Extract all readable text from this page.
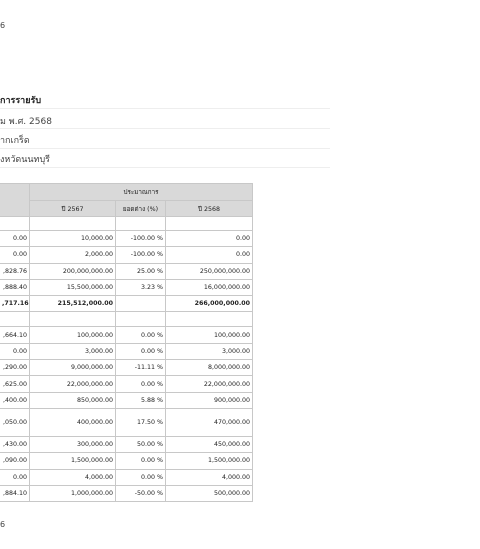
6
การรายรับ
ม พ.ศ. 2568
ากเกร็ด
งหวัดนนทบุรี
	ประมาณการ		
	ปี 2567	ยอดต่าง (%)	ปี 2568

0.00	10,000.00	-100.00 %	0.00
0.00	2,000.00	-100.00 %	0.00
,828.76	200,000,000.00	25.00 %	250,000,000.00
,888.40	15,500,000.00	3.23 %	16,000,000.00
,717.16	215,512,000.00		266,000,000.00

,664.10	100,000.00	0.00 %	100,000.00
0.00	3,000.00	0.00 %	3,000.00
,290.00	9,000,000.00	-11.11 %	8,000,000.00
,625.00	22,000,000.00	0.00 %	22,000,000.00
,400.00	850,000.00	5.88 %	900,000.00
,050.00	400,000.00	17.50 %	470,000.00
,430.00	300,000.00	50.00 %	450,000.00
,090.00	1,500,000.00	0.00 %	1,500,000.00
0.00	4,000.00	0.00 %	4,000.00
,884.10	1,000,000.00	-50.00 %	500,000.00
6
